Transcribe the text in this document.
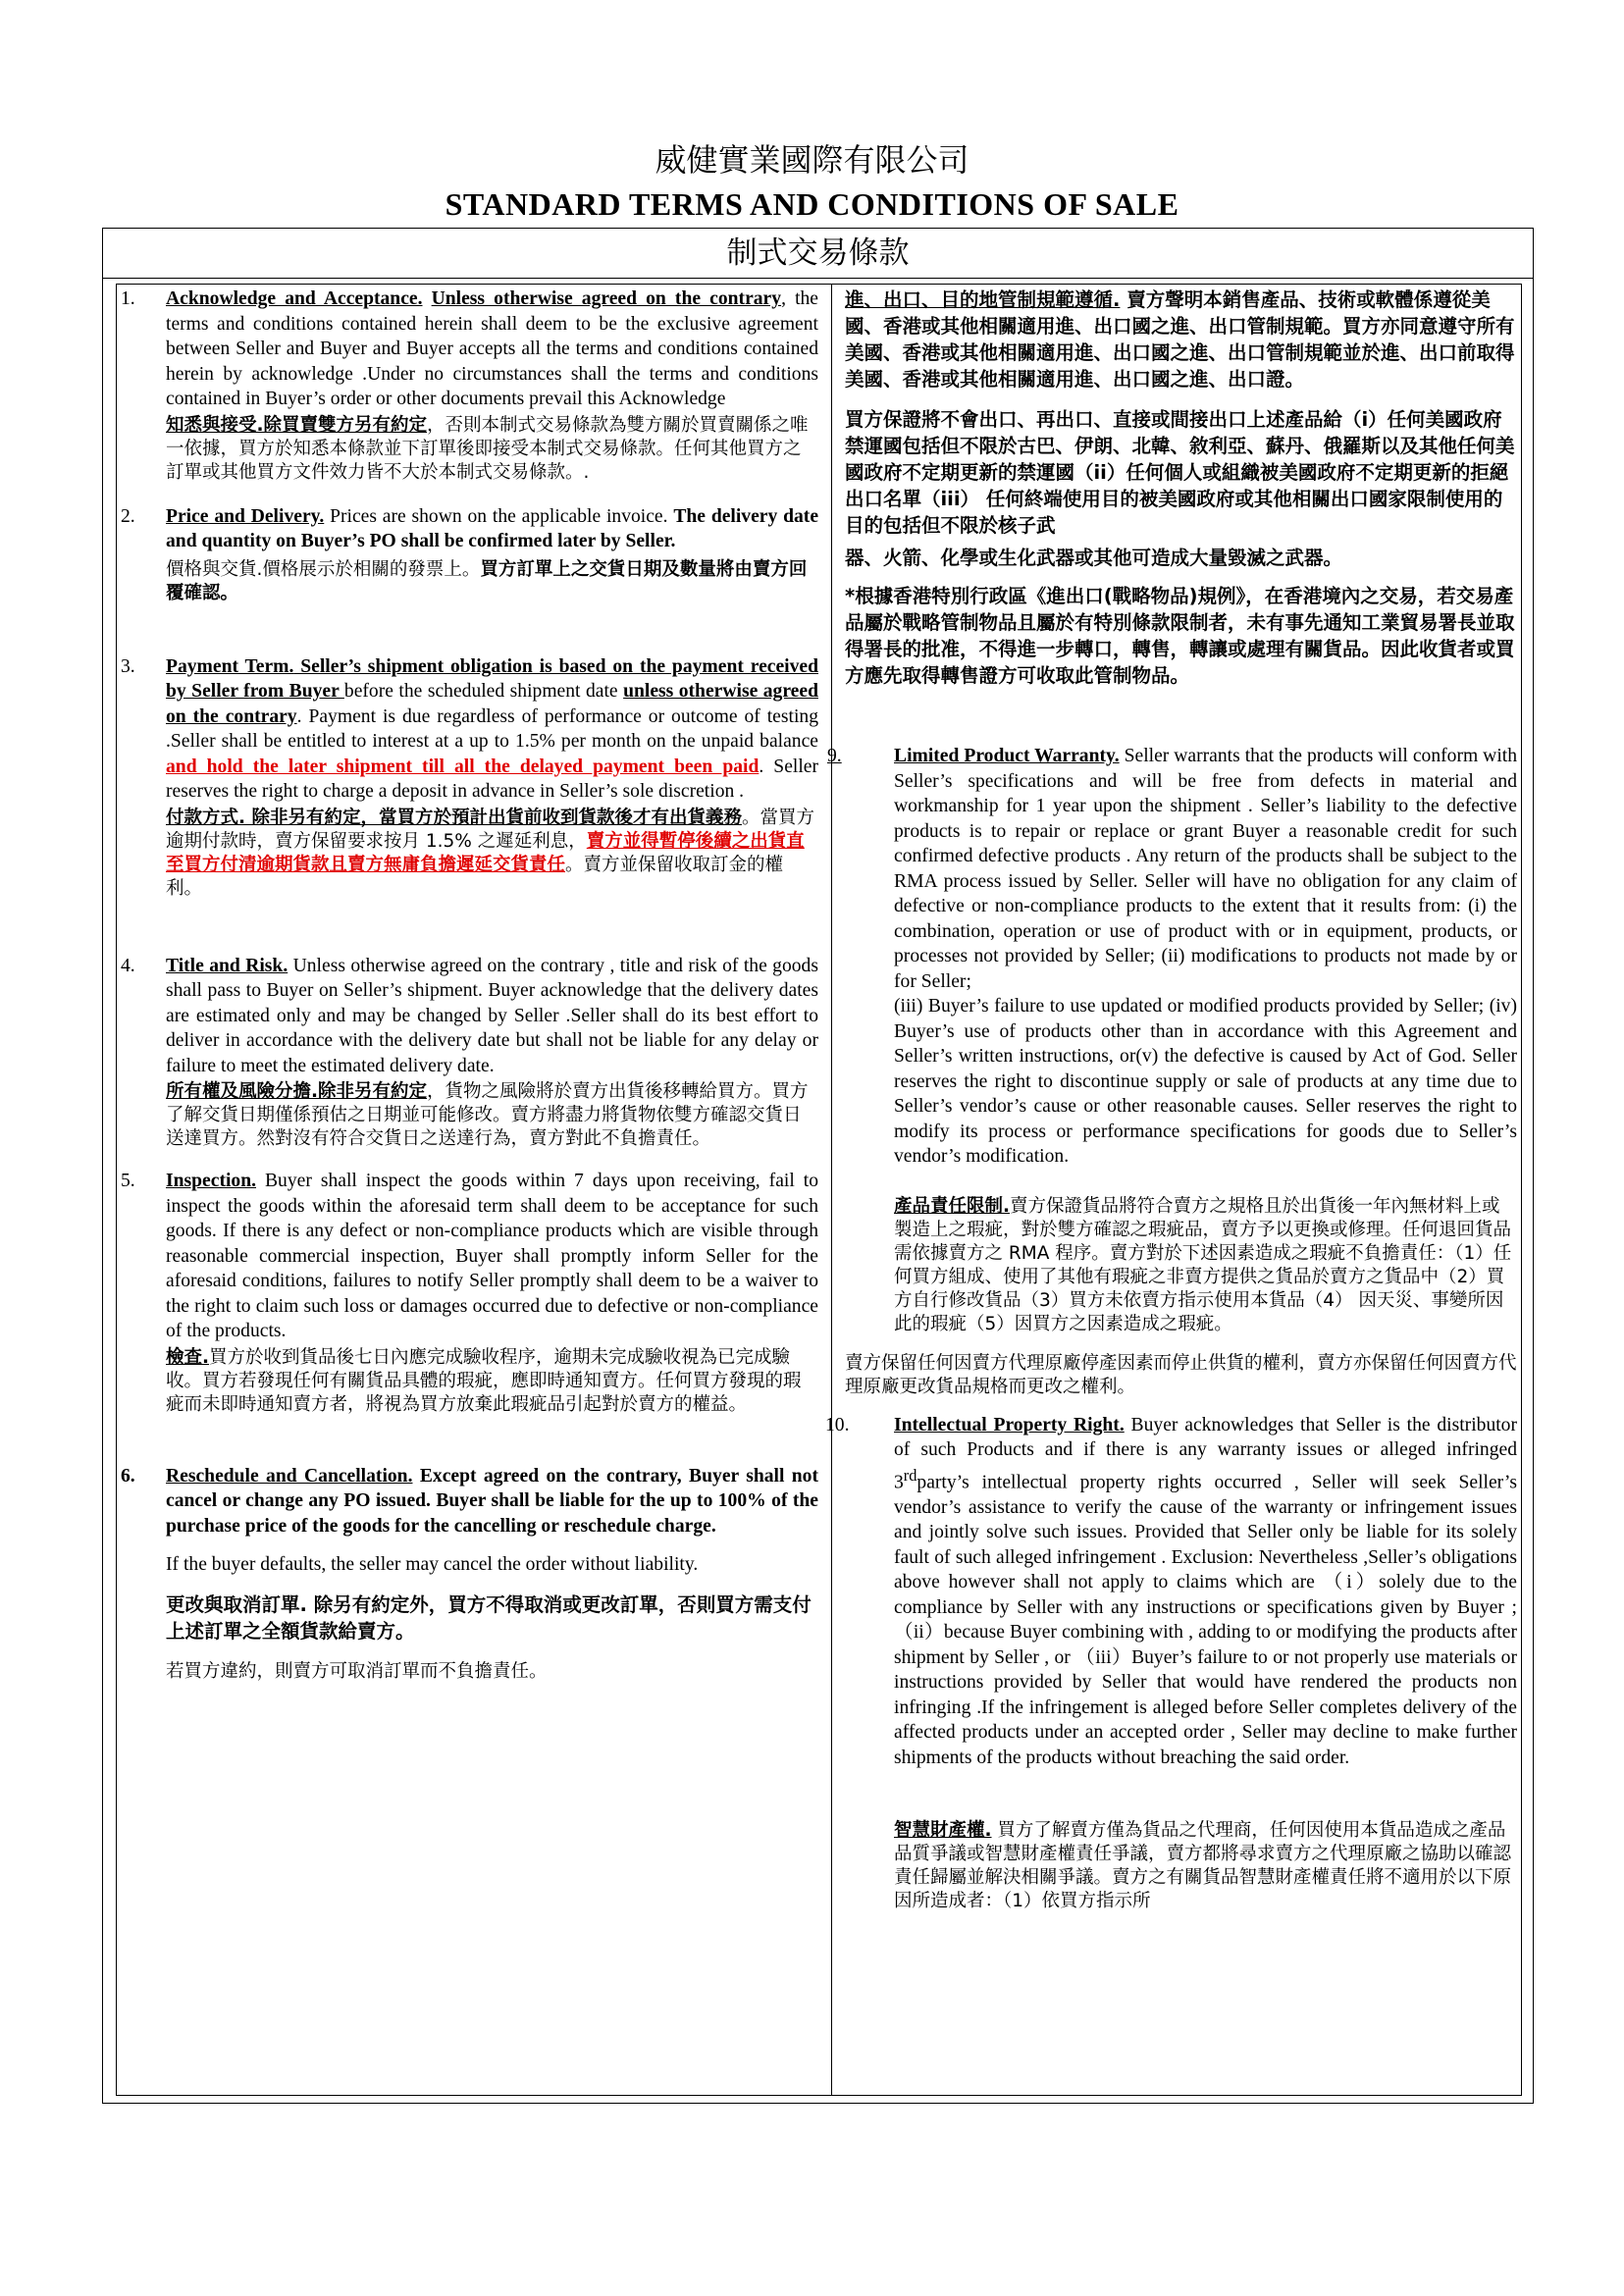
威健實業國際有限公司
STANDARD TERMS AND CONDITIONS OF SALE
制式交易條款
1. Acknowledge and Acceptance. Unless otherwise agreed on the contrary, the terms and conditions contained herein shall deem to be the exclusive agreement between Seller and Buyer and Buyer accepts all the terms and conditions contained herein by acknowledge .Under no circumstances shall the terms and conditions contained in Buyer’s order or other documents prevail this Acknowledge

知悉與接受.除買賣雙方另有約定，否則本制式交易條款為雙方關於買賣關係之唯一依據，買方於知悉本條款並下訂單後即接受本制式交易條款。任何其他買方之訂單或其他買方文件效力皆不大於本制式交易條款。.

2. Price and Delivery. Prices are shown on the applicable invoice. The delivery date and quantity on Buyer’s PO shall be confirmed later by Seller.

價格與交貨.價格展示於相關的發票上。買方訂單上之交貨日期及數量將由賣方回覆確認。

3. Payment Term. Seller’s shipment obligation is based on the payment received by Seller from Buyer before the scheduled shipment date unless otherwise agreed on the contrary. Payment is due regardless of performance or outcome of testing .Seller shall be entitled to interest at a up to 1.5% per month on the unpaid balance and hold the later shipment till all the delayed payment been paid. Seller reserves the right to charge a deposit in advance in Seller’s sole discretion .

付款方式. 除非另有約定，當買方於預計出貨前收到貨款後才有出貨義務。當買方逾期付款時，賣方保留要求按月 1.5% 之遲延利息，賣方並得暫停後續之出貨直至買方付清逾期貨款且賣方無庸負擔遲延交貨責任。賣方並保留收取訂金的權利。

4. Title and Risk. Unless otherwise agreed on the contrary , title and risk of the goods shall pass to Buyer on Seller’s shipment. Buyer acknowledge that the delivery dates are estimated only and may be changed by Seller .Seller shall do its best effort to deliver in accordance with the delivery date but shall not be liable for any delay or failure to meet the estimated delivery date.

所有權及風險分擔.除非另有約定，貨物之風險將於賣方出貨後移轉給買方。買方了解交貨日期僅係預估之日期並可能修改。賣方將盡力將貨物依雙方確認交貨日送達買方。然對沒有符合交貨日之送達行為，賣方對此不負擔責任。

5. Inspection. Buyer shall inspect the goods within 7 days upon receiving, fail to inspect the goods within the aforesaid term shall deem to be acceptance for such goods. If there is any defect or non-compliance products which are visible through reasonable commercial inspection, Buyer shall promptly inform Seller for the aforesaid conditions, failures to notify Seller promptly shall deem to be a waiver to the right to claim such loss or damages occurred due to defective or non-compliance of the products.

檢查.買方於收到貨品後七日內應完成驗收程序，逾期未完成驗收視為已完成驗收。買方若發現任何有關貨品具體的瑕疵，應即時通知賣方。任何買方發現的瑕疵而未即時通知賣方者，將視為買方放棄此瑕疵品引起對於賣方的權益。

6. Reschedule and Cancellation. Except agreed on the contrary, Buyer shall not cancel or change any PO issued. Buyer shall be liable for the up to 100% of the purchase price of the goods for the cancelling or reschedule charge.

If the buyer defaults, the seller may cancel the order without liability.

更改與取消訂單. 除另有約定外，買方不得取消或更改訂單，否則買方需支付上述訂單之全額貨款給賣方。

若買方違約，則賣方可取消訂單而不負擔責任。

進、出口、目的地管制規範遵循. 賣方聲明本銷售產品、技術或軟體係遵從美國、香港或其他相關適用進、出口國之進、出口管制規範。買方亦同意遵守所有美國、香港或其他相關適用進、出口國之進、出口管制規範並於進、出口前取得美國、香港或其他相關適用進、出口國之進、出口證。

買方保證將不會出口、再出口、直接或間接出口上述產品給（i）任何美國政府禁運國包括但不限於古巴、伊朗、北韓、敘利亞、蘇丹、俄羅斯以及其他任何美國政府不定期更新的禁運國（ii）任何個人或組織被美國政府不定期更新的拒絕出口名單（iii） 任何終端使用目的被美國政府或其他相關出口國家限制使用的目的包括但不限於核子武

器、火箭、化學或生化武器或其他可造成大量毀滅之武器。

*根據香港特別行政區《進出口(戰略物品)規例》，在香港境內之交易，若交易產品屬於戰略管制物品且屬於有特別條款限制者，未有事先通知工業貿易署長並取得署長的批准，不得進一步轉口，轉售，轉讓或處理有關貨品。因此收貨者或買方應先取得轉售證方可收取此管制物品。

9.	Limited Product Warranty. Seller warrants that the products will conform with Seller’s specifications and will be free from defects in material and workmanship for 1 year upon the shipment . Seller’s liability to the defective products is to repair or replace or grant Buyer a reasonable credit for such confirmed defective products . Any return of the products shall be subject to the RMA process issued by Seller. Seller will have no obligation for any claim of defective or non-compliance products to the extent that it results from: (i) the combination, operation or use of product with or in equipment, products, or processes not provided by Seller; (ii) modifications to products not made by or for Seller;

(iii) Buyer’s failure to use updated or modified products provided by Seller; (iv) Buyer’s use of products other than in accordance with this Agreement and Seller’s written instructions, or(v) the defective is caused by Act of God. Seller reserves the right to discontinue supply or sale of products at any time due to Seller’s vendor’s cause or other reasonable causes. Seller reserves the right to modify its process or performance specifications for goods due to Seller’s vendor’s modification.

產品責任限制.賣方保證貨品將符合賣方之規格且於出貨後一年內無材料上或製造上之瑕疵，對於雙方確認之瑕疵品，賣方予以更換或修理。任何退回貨品需依據賣方之 RMA 程序。賣方對於下述因素造成之瑕疵不負擔責任：（1）任何買方組成、使用了其他有瑕疵之非賣方提供之貨品於賣方之貨品中（2）買方自行修改貨品（3）買方未依賣方指示使用本貨品（4） 因天災、事變所因此的瑕疵（5）因買方之因素造成之瑕疵。

賣方保留任何因賣方代理原廠停產因素而停止供貨的權利，賣方亦保留任何因賣方代理原廠更改貨品規格而更改之權利。

10. Intellectual Property Right. Buyer acknowledges that Seller is the distributor of such Products and if there is any warranty issues or alleged infringed 3rdparty’s intellectual property rights occurred , Seller will seek Seller’s vendor’s assistance to verify the cause of the warranty or infringement issues and jointly solve such issues. Provided that Seller only be liable for its solely fault of such alleged infringement . Exclusion: Nevertheless ,Seller’s obligations above however shall not apply to claims which are （i）solely due to the compliance by Seller with any instructions or specifications given by Buyer ;（ii）because Buyer combining with , adding to or modifying the products after shipment by Seller , or （iii）Buyer’s failure to or not properly use materials or instructions provided by Seller that would have rendered the products non infringing .If the infringement is alleged before Seller completes delivery of the affected products under an accepted order , Seller may decline to make further shipments of the products without breaching the said order.

智慧財產權. 買方了解賣方僅為貨品之代理商，任何因使用本貨品造成之產品品質爭議或智慧財產權責任爭議，賣方都將尋求賣方之代理原廠之協助以確認責任歸屬並解決相關爭議。賣方之有關貨品智慧財產權責任將不適用於以下原因所造成者：（1）依買方指示所
